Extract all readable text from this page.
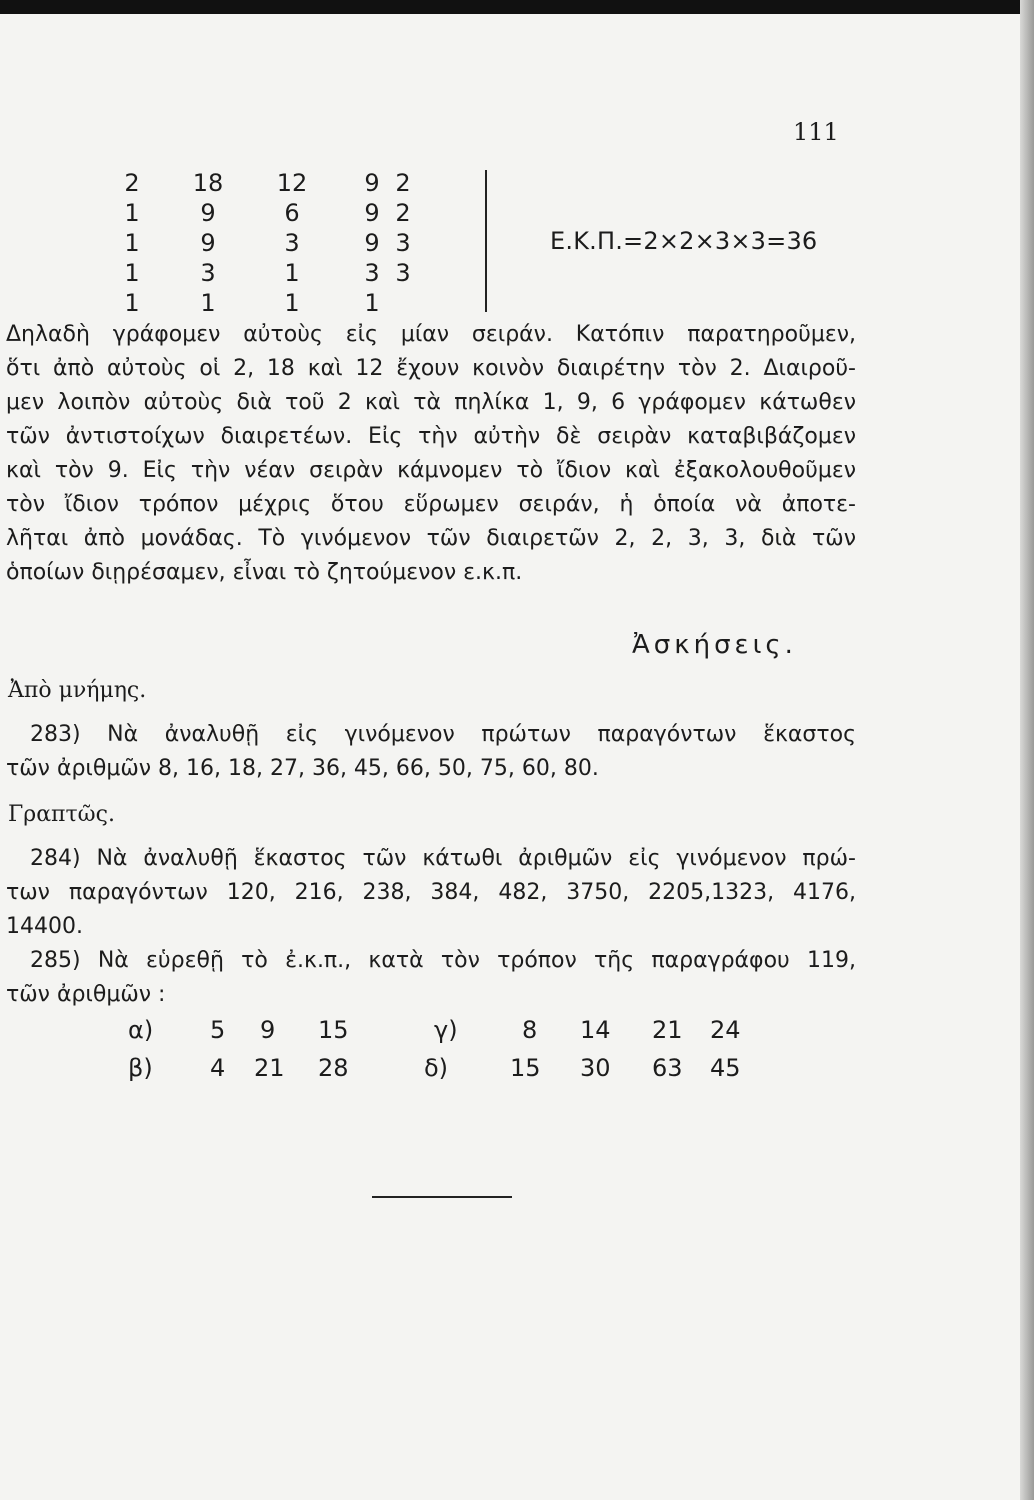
111
2	18 12	9 2
1	9	6	9 2
1	9	3	9 3
1	3	1	3 3
1	1	1	1
Ε.Κ.Π.=2×2×3×3=36
Δηλαδὴ γράφομεν αὐτοὺς εἰς μίαν σειράν. Κατόπιν παρατηροῦμεν,
ὅτι ἀπὸ αὐτοὺς οἱ 2, 18 καὶ 12 ἔχουν κοινὸν διαιρέτην τὸν 2. Διαιροῦ-
μεν λοιπὸν αὐτοὺς διὰ τοῦ 2 καὶ τὰ πηλίκα 1, 9, 6 γράφομεν κάτωθεν
τῶν ἀντιστοίχων διαιρετέων. Εἰς τὴν αὐτὴν δὲ σειρὰν καταβιβάζομεν
καὶ τὸν 9. Εἰς τὴν νέαν σειρὰν κάμνομεν τὸ ἴδιον καὶ ἐξακολουθοῦμεν
τὸν ἴδιον τρόπον μέχρις ὅτου εὕρωμεν σειράν, ἡ ὁποία νὰ ἀποτε-
λῆται ἀπὸ μονάδας. Τὸ γινόμενον τῶν διαιρετῶν 2, 2, 3, 3, διὰ τῶν
ὁποίων διῃρέσαμεν, εἶναι τὸ ζητούμενον ε.κ.π.
Ἀσκήσεις.
Ἀπὸ μνήμης.
283) Νὰ ἀναλυθῇ εἰς γινόμενον πρώτων παραγόντων ἕκαστος
τῶν ἀριθμῶν 8, 16, 18, 27, 36, 45, 66, 50, 75, 60, 80.
Γραπτῶς.
284) Νὰ ἀναλυθῇ ἕκαστος τῶν κάτωθι ἀριθμῶν εἰς γινόμενον πρώ-
των παραγόντων 120, 216, 238, 384, 482, 3750, 2205,1323, 4176,
14400.
285) Νὰ εὑρεθῇ τὸ ἐ.κ.π., κατὰ τὸν τρόπον τῆς παραγράφου 119,
τῶν ἀριθμῶν :
α) 5 9 15
β) 4 21 28
γ)	8 14 21 24
δ)	15 30 63 45
